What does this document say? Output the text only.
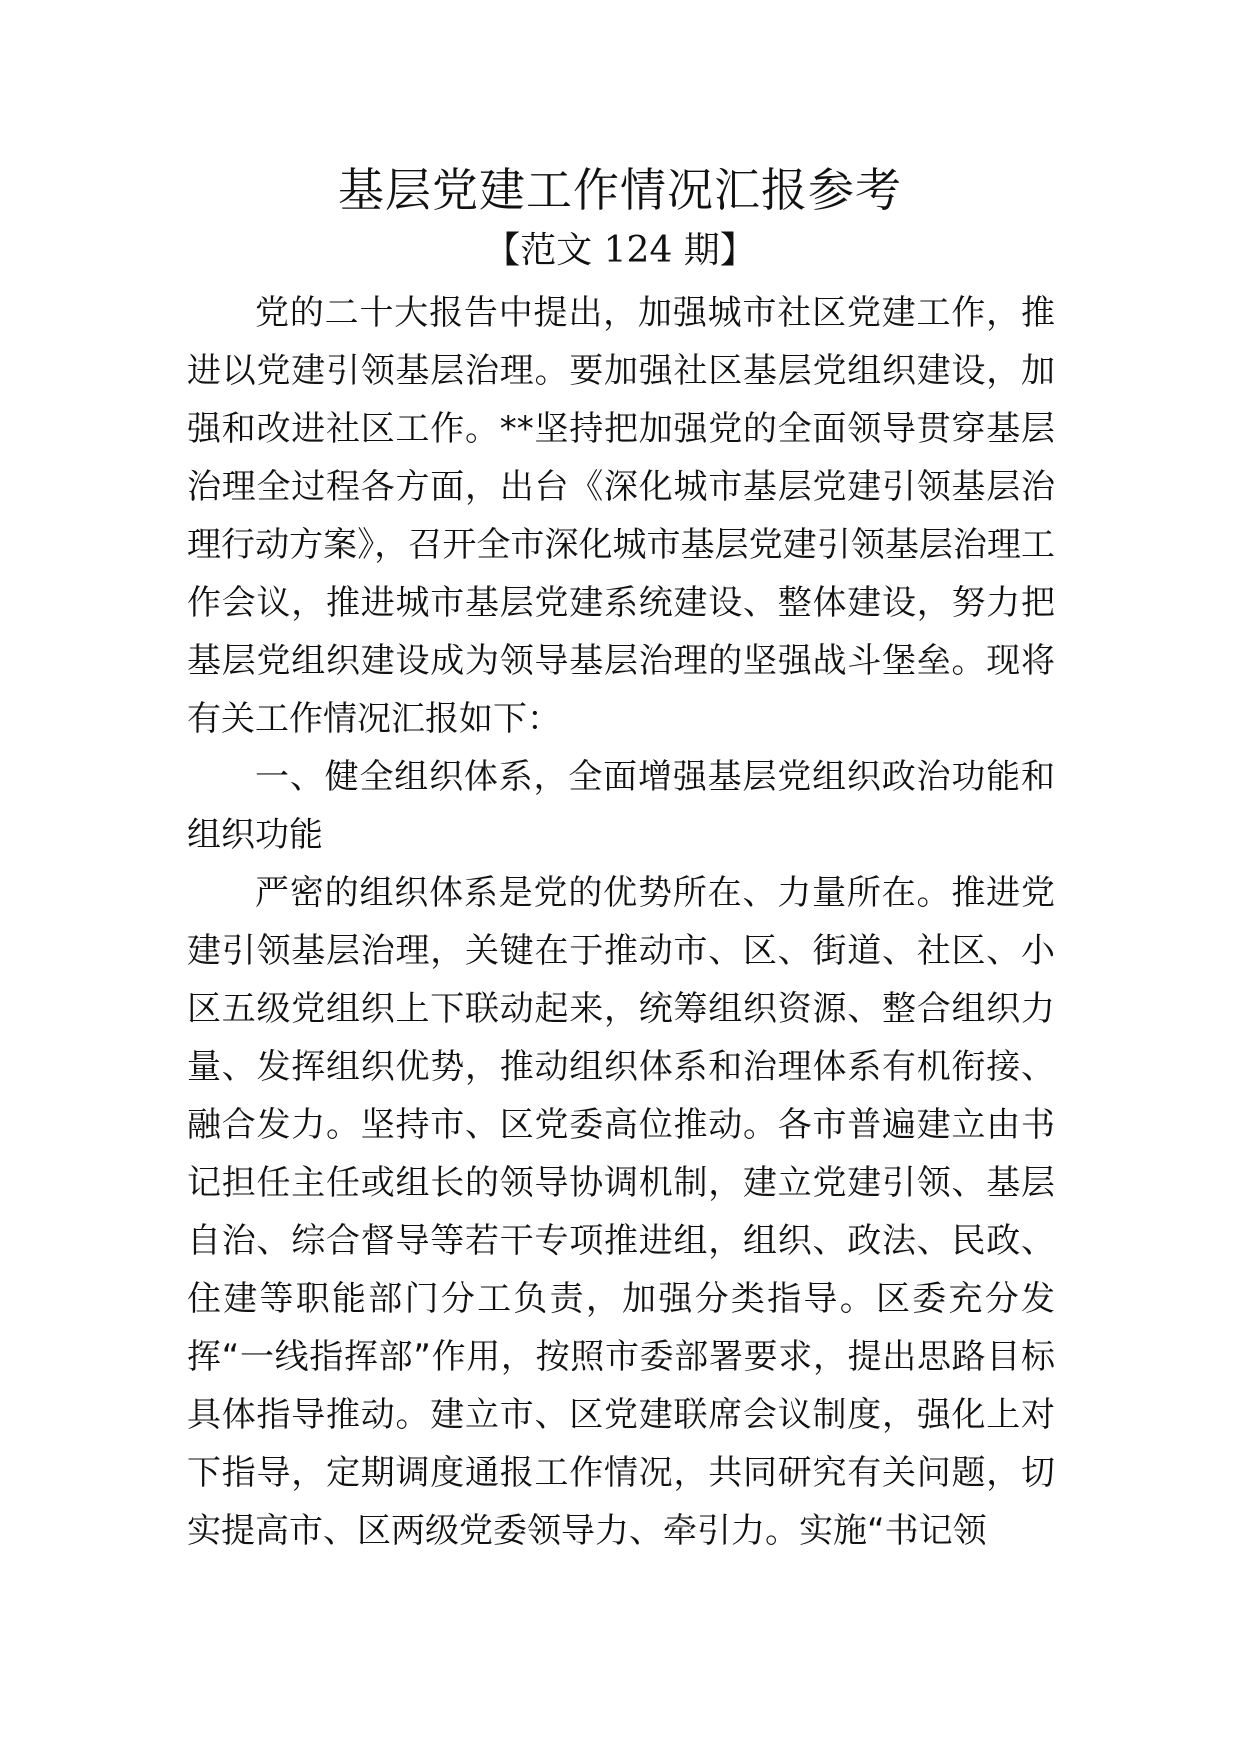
基层党建工作情况汇报参考
【范文 124 期】

党的二十大报告中提出，加强城市社区党建工作，推进以党建引领基层治理。要加强社区基层党组织建设，加强和改进社区工作。**坚持把加强党的全面领导贯穿基层治理全过程各方面，出台《深化城市基层党建引领基层治理行动方案》，召开全市深化城市基层党建引领基层治理工作会议，推进城市基层党建系统建设、整体建设，努力把基层党组织建设成为领导基层治理的坚强战斗堡垒。现将有关工作情况汇报如下：

一、健全组织体系，全面增强基层党组织政治功能和组织功能

严密的组织体系是党的优势所在、力量所在。推进党建引领基层治理，关键在于推动市、区、街道、社区、小区五级党组织上下联动起来，统筹组织资源、整合组织力量、发挥组织优势，推动组织体系和治理体系有机衔接、融合发力。坚持市、区党委高位推动。各市普遍建立由书记担任主任或组长的领导协调机制，建立党建引领、基层自治、综合督导等若干专项推进组，组织、政法、民政、住建等职能部门分工负责，加强分类指导。区委充分发挥“一线指挥部”作用，按照市委部署要求，提出思路目标具体指导推动。建立市、区党建联席会议制度，强化上对下指导，定期调度通报工作情况，共同研究有关问题，切实提高市、区两级党委领导力、牵引力。实施“书记领
